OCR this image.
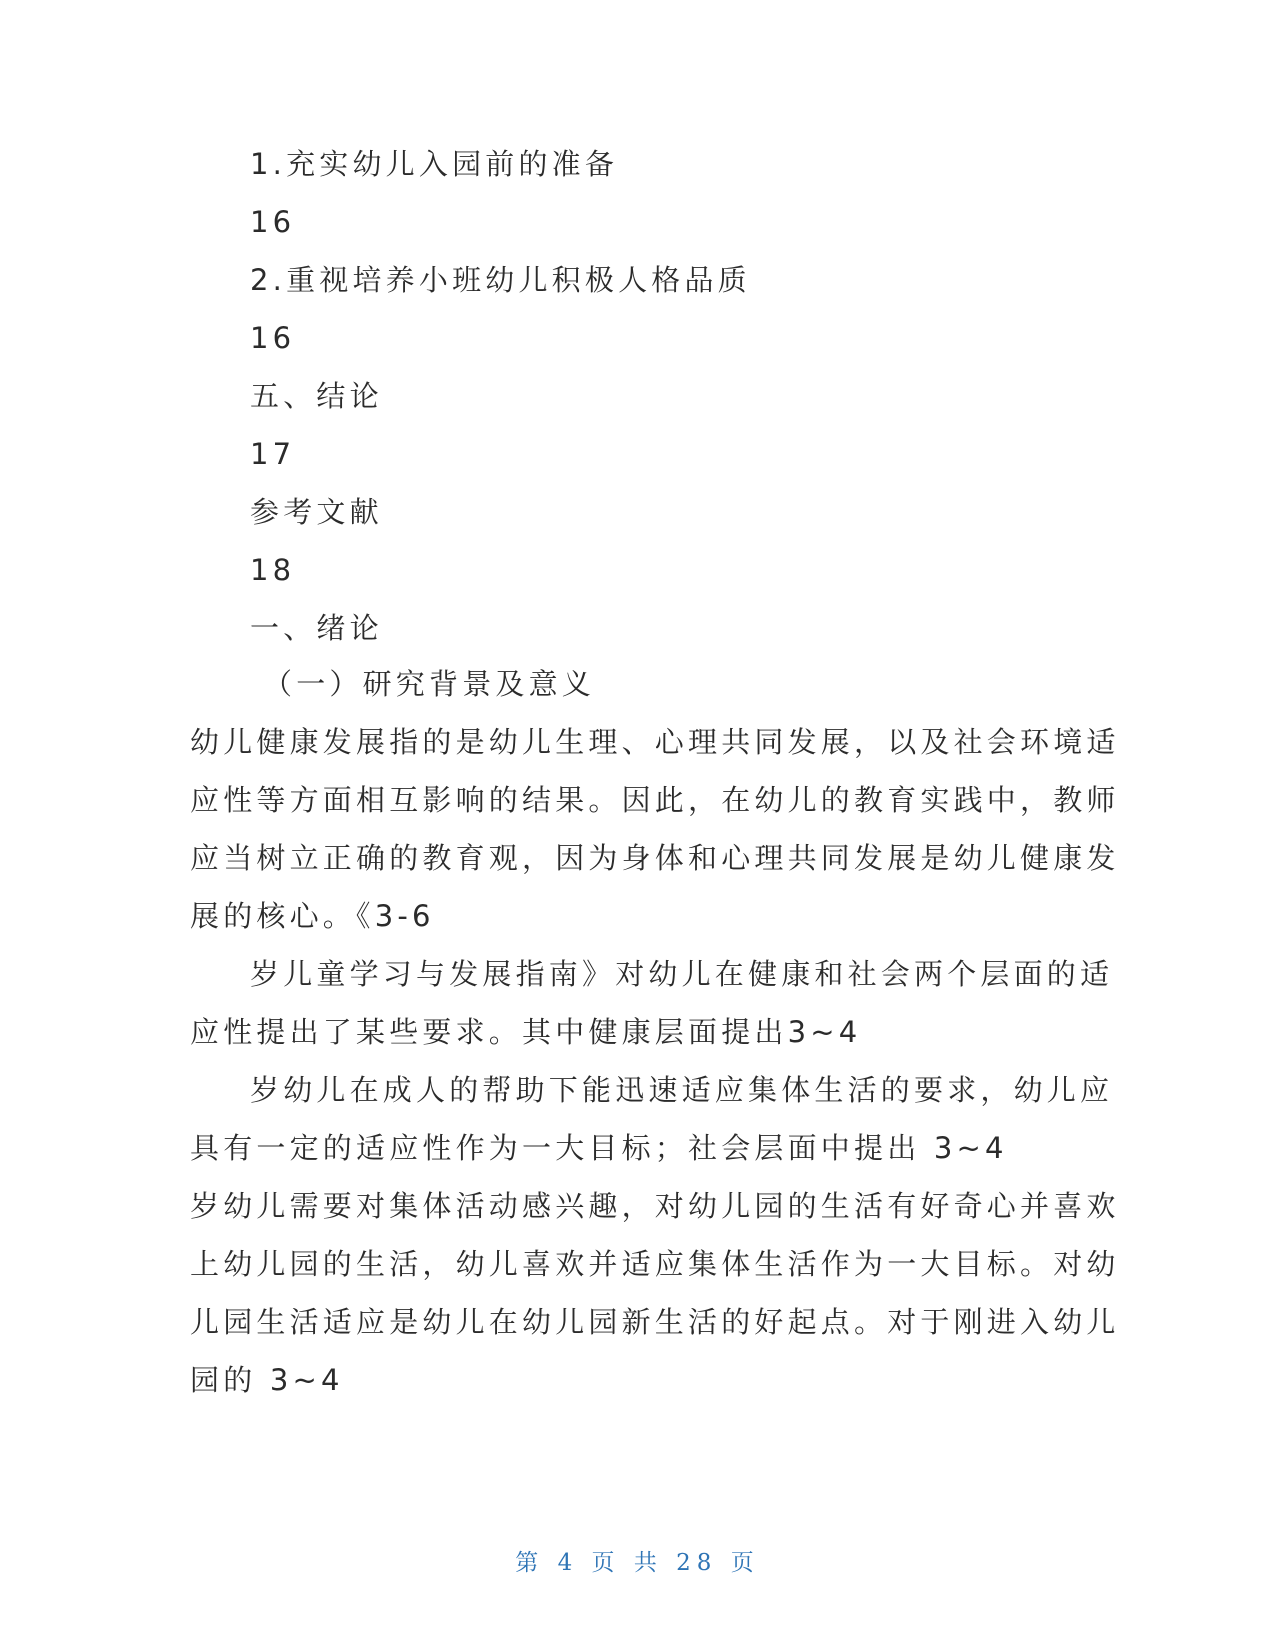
1.充实幼儿入园前的准备
16
2.重视培养小班幼儿积极人格品质
16
五、结论
17
参考文献
18
一、绪论
（一）研究背景及意义
幼儿健康发展指的是幼儿生理、心理共同发展，以及社会环境适
应性等方面相互影响的结果。因此，在幼儿的教育实践中，教师
应当树立正确的教育观，因为身体和心理共同发展是幼儿健康发
展的核心。《3-6
岁儿童学习与发展指南》对幼儿在健康和社会两个层面的适
应性提出了某些要求。其中健康层面提出3~4
岁幼儿在成人的帮助下能迅速适应集体生活的要求，幼儿应
具有一定的适应性作为一大目标；社会层面中提出 3~4
岁幼儿需要对集体活动感兴趣，对幼儿园的生活有好奇心并喜欢
上幼儿园的生活，幼儿喜欢并适应集体生活作为一大目标。对幼
儿园生活适应是幼儿在幼儿园新生活的好起点。对于刚进入幼儿
园的 3~4
第 4 页 共 28 页
